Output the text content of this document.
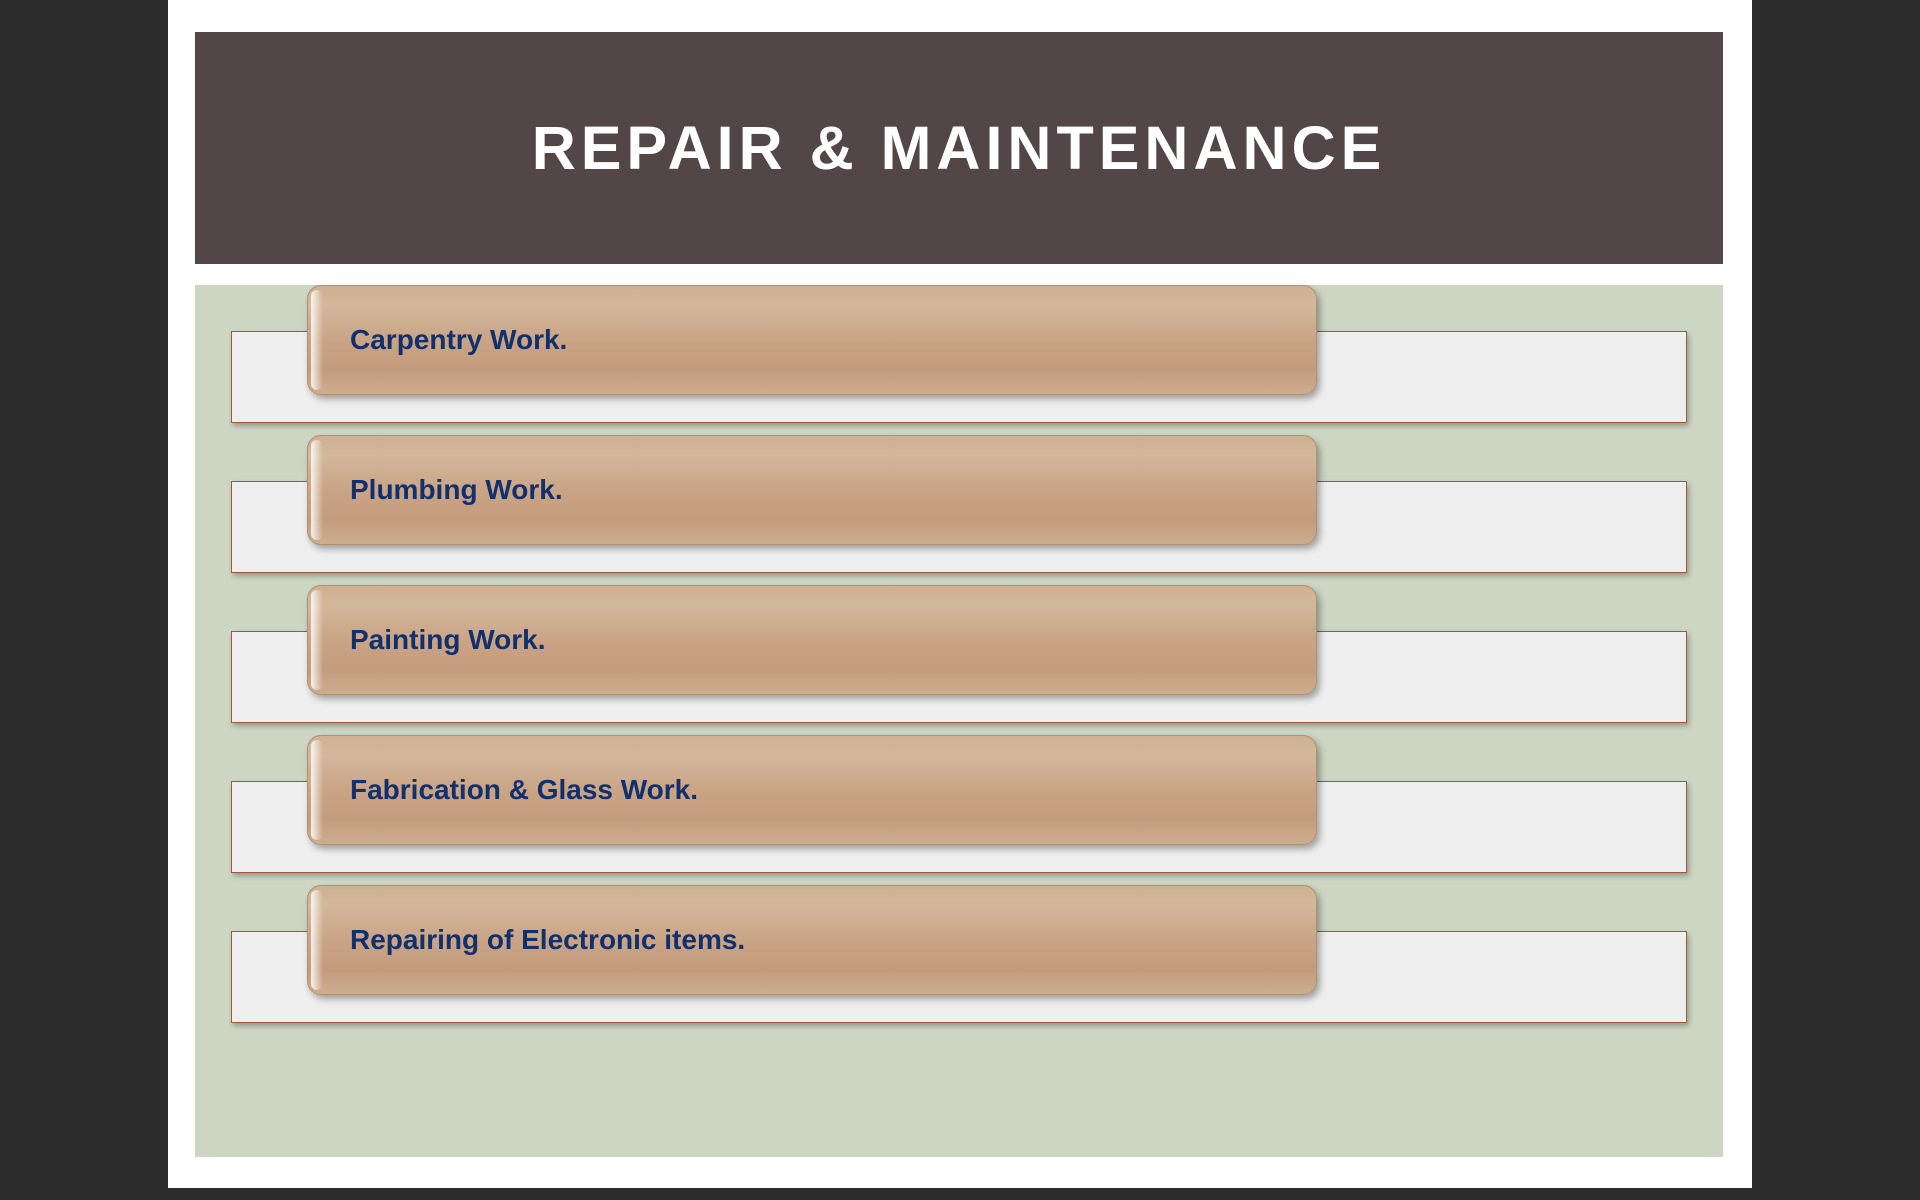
REPAIR & MAINTENANCE
Carpentry Work.
Plumbing Work.
Painting Work.
Fabrication & Glass Work.
Repairing of Electronic items.
